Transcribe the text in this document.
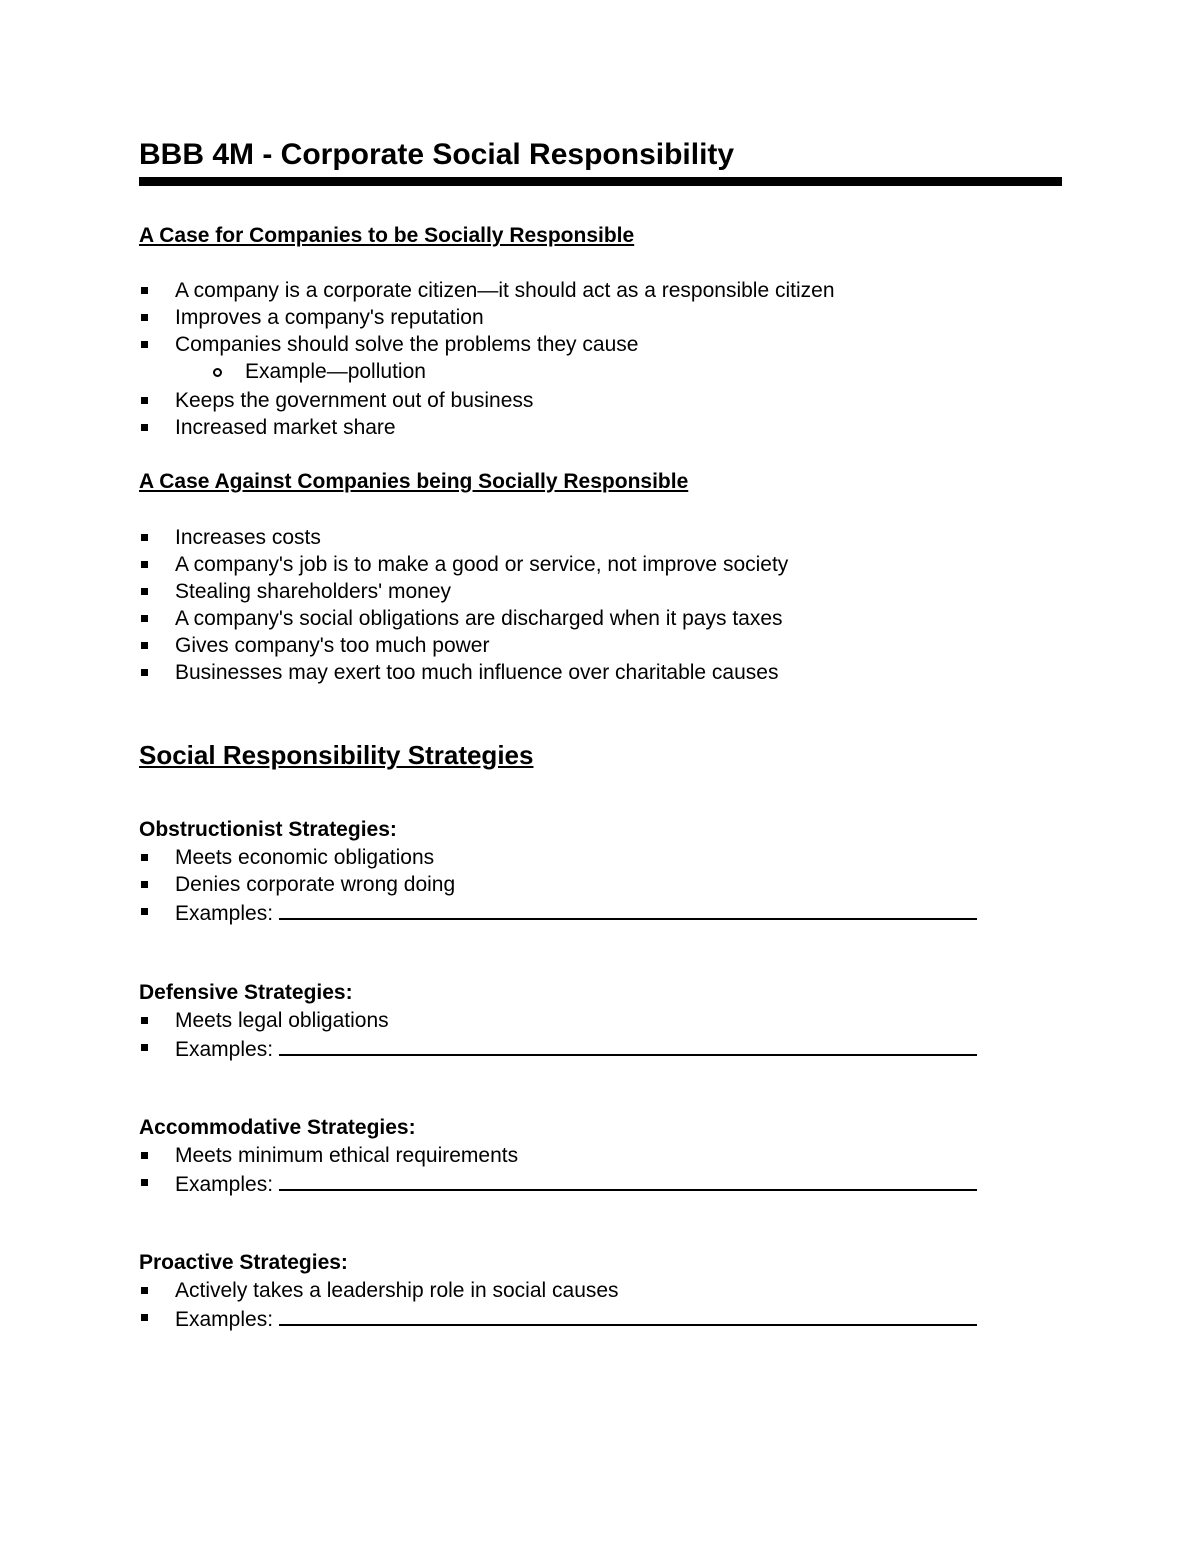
BBB 4M - Corporate Social Responsibility
A Case for Companies to be Socially Responsible
A company is a corporate citizen—it should act as a responsible citizen
Improves a company's reputation
Companies should solve the problems they cause
Example—pollution
Keeps the government out of business
Increased market share
A Case Against Companies being Socially Responsible
Increases costs
A company's job is to make a good or service, not improve society
Stealing shareholders' money
A company's social obligations are discharged when it pays taxes
Gives company's too much power
Businesses may exert too much influence over charitable causes
Social Responsibility Strategies
Obstructionist Strategies:
Meets economic obligations
Denies corporate wrong doing
Examples:
Defensive Strategies:
Meets legal obligations
Examples:
Accommodative Strategies:
Meets minimum ethical requirements
Examples:
Proactive Strategies:
Actively takes a leadership role in social causes
Examples:
